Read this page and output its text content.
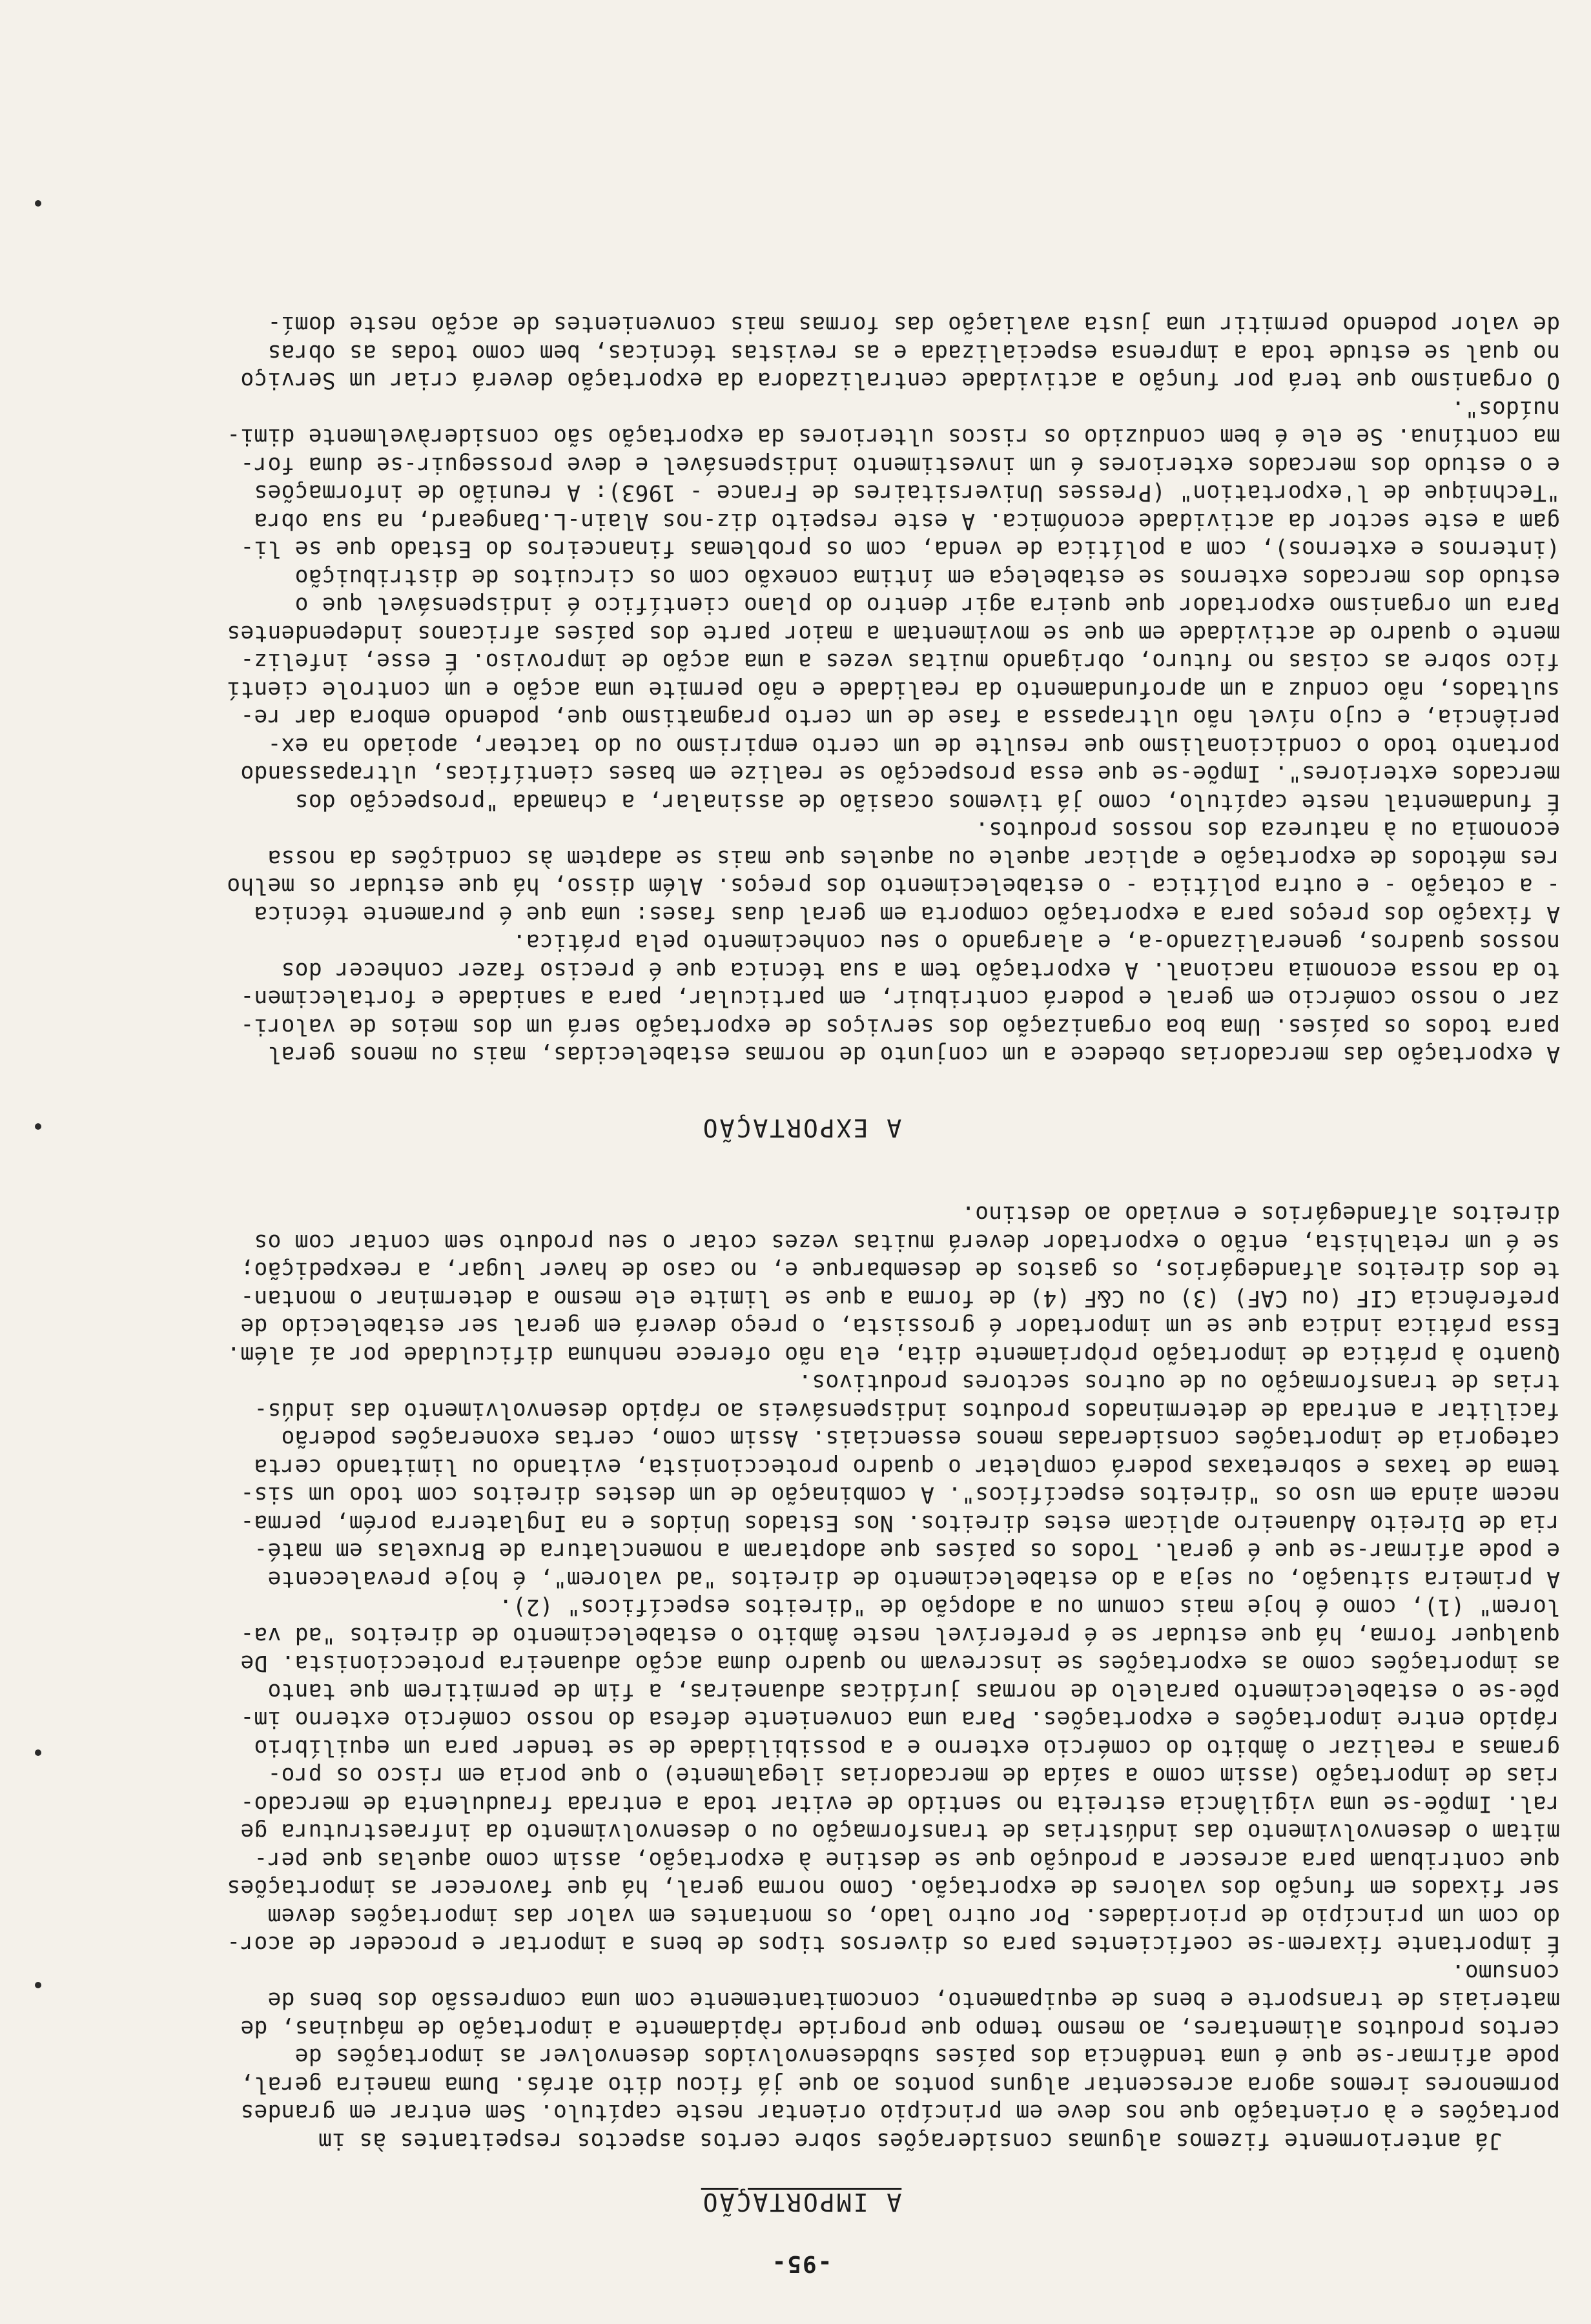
-95-
A IMPORTAÇÃO
Já anteriormente fizemos algumas considerações sobre certos aspectos respeitantes às im
portações e à orientação que nos deve em princípio orientar neste capítulo. Sem entrar em grandes
pormenores iremos agora acrescentar alguns pontos ao que já ficou dito atrás. Duma maneira geral,
pode afirmar-se que é uma tendência dos países subdesenvolvidos desenvolver as importações de
certos produtos alimentares, ao mesmo tempo que progride ràpidamente a importação de máquinas, de
materiais de transporte e bens de equipamento, concomitantemente com uma compressão dos bens de
consumo.
É importante fixarem-se coeficientes para os diversos tipos de bens a importar e proceder de acor-
do com um princípio de prioridades. Por outro lado, os montantes em valor das importações devem
ser fixados em função dos valores de exportação. Como norma geral, há que favorecer as importações
que contribuam para acrescer a produção que se destine à exportação, assim como aquelas que per-
mitam o desenvolvimento das indústrias de transformação ou o desenvolvimento da infraestrutura ge
ral. Impõe-se uma vigilância estreita no sentido de evitar toda a entrada fraudulenta de mercado-
rias de importação (assim como a saída de mercadorias ilegalmente) o que poria em risco os pro-
gramas a realizar o âmbito do comércio externo e a possibilidade de se tender para um equilíbrio
rápido entre importações e exportações. Para uma conveniente defesa do nosso comércio externo im-
põe-se o estabelecimento paralelo de normas jurídicas aduaneiras, a fim de permitirem que tanto
as importações como as exportações se inscrevam no quadro duma acção aduaneira proteccionista. De
qualquer forma, há que estudar se é preferível neste âmbito o estabelecimento de direitos "ad va-
lorem" (1), como é hoje mais comum ou a adopção de "direitos específicos" (2).
A primeira situação, ou seja a do estabelecimento de direitos "ad valorem", é hoje prevalecente
e pode afirmar-se que é geral. Todos os países que adoptaram a nomenclatura de Bruxelas em maté-
ria de Direito Aduaneiro aplicam estes direitos. Nos Estados Unidos e na Inglaterra porém, perma-
necem ainda em uso os "direitos específicos". A combinação de um destes direitos com todo um sis-
tema de taxas e sobretaxas poderá completar o quadro proteccionista, evitando ou limitando certa
categoria de importações consideradas menos essenciais. Assim como, certas exonerações poderão
facilitar a entrada de determinados produtos indispensáveis ao rápido desenvolvimento das indús-
trias de transformação ou de outros sectores produtivos.
Quanto à prática de importação pròpriamente dita, ela não oferece nenhuma dificuldade por aí além.
Essa prática indica que se um importador é grossista, o preço deverá em geral ser estabelecido de
preferência CIF (ou CAF) (3) ou C&F (4) de forma a que se limite ele mesmo a determinar o montan-
te dos direitos alfandegários, os gastos de desembarque e, no caso de haver lugar, a reexpedição;
se é um retalhista, então o exportador deverá muitas vezes cotar o seu produto sem contar com os
direitos alfandegários e enviado ao destino.
A EXPORTAÇÃO
A exportação das mercadorias obedece a um conjunto de normas estabelecidas, mais ou menos geral
para todos os países. Uma boa organização dos serviços de exportação será um dos meios de valori-
zar o nosso comércio em geral e poderá contribuir, em particular, para a sanidade e fortalecimen-
to da nossa economia nacional. A exportação tem a sua técnica que é preciso fazer conhecer dos
nossos quadros, generalizando-a, e alargando o seu conhecimento pela prática.
A fixação dos preços para a exportação comporta em geral duas fases: uma que é puramente técnica
- a cotação - e outra política - o estabelecimento dos preços. Além disso, há que estudar os melho
res métodos de exportação e aplicar aquele ou aqueles que mais se adaptem às condições da nossa
economia ou à natureza dos nossos produtos.
É fundamental neste capítulo, como já tivemos ocasião de assinalar, a chamada "prospecção dos
mercados exteriores". Impõe-se que essa prospecção se realize em bases científicas, ultrapassando
portanto todo o condicionalismo que resulte de um certo empirismo ou do tactear, apoiado na ex-
periência, e cujo nível não ultrapassa a fase de um certo pragmatismo que, podendo embora dar re-
sultados, não conduz a um aprofundamento da realidade e não permite uma acção e um controle cientí
fico sobre as coisas no futuro, obrigando muitas vezes a uma acção de improviso. É esse, infeliz-
mente o quadro de actividade em que se movimentam a maior parte dos países africanos independentes
Para um organismo exportador que queira agir dentro do plano científico é indispensável que o
estudo dos mercados externos se estabeleça em íntima conexão com os circuitos de distribuição
(internos e externos), com a política de venda, com os problemas financeiros do Estado que se li-
gam a este sector da actividade económica. A este respeito diz-nos Alain-L.Dangeard, na sua obra
"Technique de l'exportation" (Presses Universitaires de France - 1963): A reunião de informações
e o estudo dos mercados exteriores é um investimento indispensável e deve prosseguir-se duma for-
ma contínua. Se ele é bem conduzido os riscos ulteriores da exportação são consideràvelmente dimi-
nuídos".
O organismo que terá por função a actividade centralizadora da exportação deverá criar um Serviço
no qual se estude toda a imprensa especializada e as revistas técnicas, bem como todas as obras
de valor podendo permitir uma justa avaliação das formas mais convenientes de acção neste domí-
